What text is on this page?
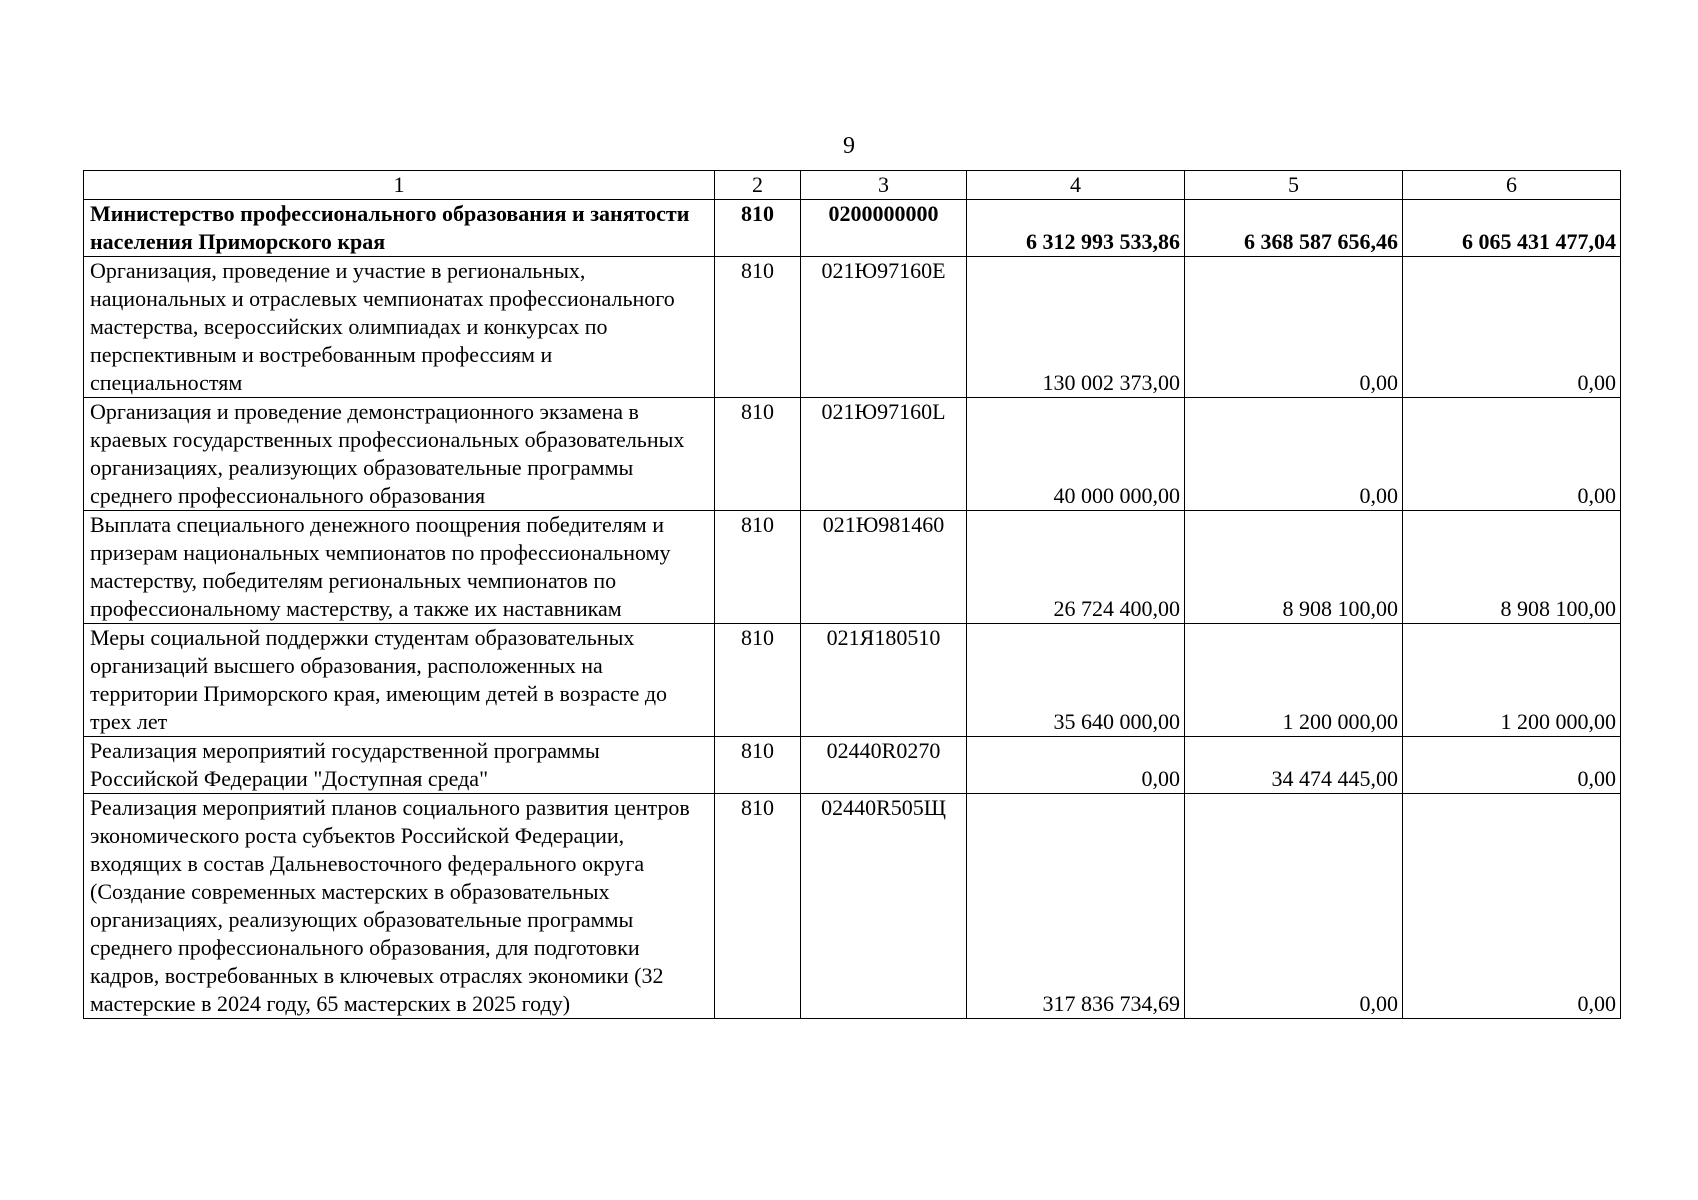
9
1	2	3	4	5	6
Министерство профессионального образования и занятости населения Приморского края	810	0200000000	6 312 993 533,86	6 368 587 656,46	6 065 431 477,04
Организация, проведение и участие в региональных, национальных и отраслевых чемпионатах профессионального мастерства, всероссийских олимпиадах и конкурсах по перспективным и востребованным профессиям и специальностям	810	021Ю97160Е	130 002 373,00	0,00	0,00
Организация и проведение демонстрационного экзамена в краевых государственных профессиональных образовательных организациях, реализующих образовательные программы среднего профессионального образования	810	021Ю97160L	40 000 000,00	0,00	0,00
Выплата специального денежного поощрения победителям и призерам национальных чемпионатов по профессиональному мастерству, победителям региональных чемпионатов по профессиональному мастерству, а также их наставникам	810	021Ю981460	26 724 400,00	8 908 100,00	8 908 100,00
Меры социальной поддержки студентам образовательных организаций высшего образования, расположенных на территории Приморского края, имеющим детей в возрасте до трех лет	810	021Я180510	35 640 000,00	1 200 000,00	1 200 000,00
Реализация мероприятий государственной программы Российской Федерации "Доступная среда"	810	02440R0270	0,00	34 474 445,00	0,00
Реализация мероприятий планов социального развития центров экономического роста субъектов Российской Федерации, входящих в состав Дальневосточного федерального округа (Создание современных мастерских в образовательных организациях, реализующих образовательные программы среднего профессионального образования, для подготовки кадров, востребованных в ключевых отраслях экономики (32 мастерские в 2024 году, 65 мастерских в 2025 году)	810	02440R505Щ	317 836 734,69	0,00	0,00
